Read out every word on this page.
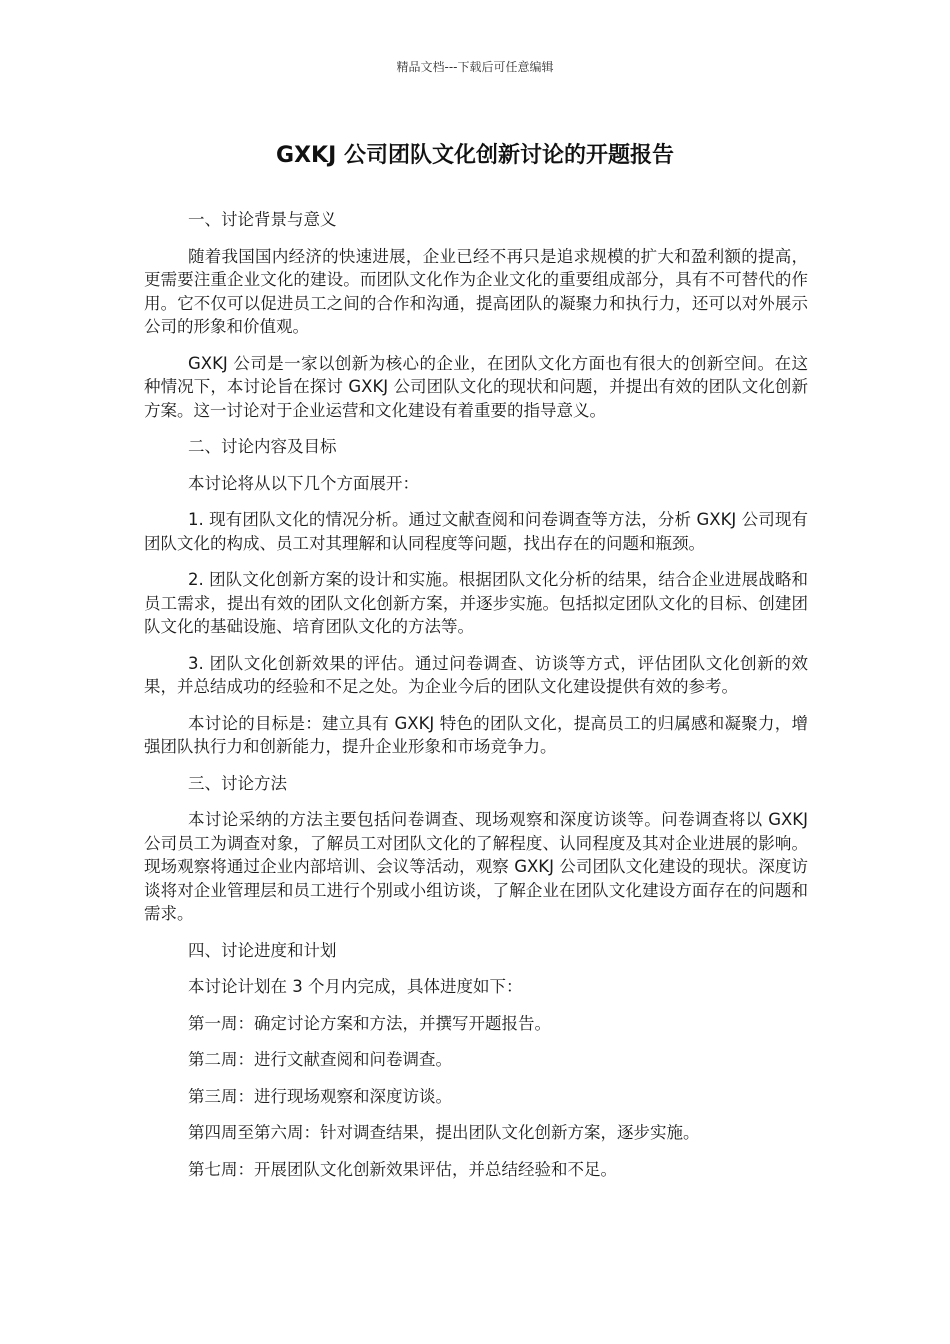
精品文档---下载后可任意编辑
GXKJ 公司团队文化创新讨论的开题报告

一、讨论背景与意义

随着我国国内经济的快速进展，企业已经不再只是追求规模的扩大和盈利额的提高，更需要注重企业文化的建设。而团队文化作为企业文化的重要组成部分，具有不可替代的作用。它不仅可以促进员工之间的合作和沟通，提高团队的凝聚力和执行力，还可以对外展示公司的形象和价值观。

GXKJ 公司是一家以创新为核心的企业，在团队文化方面也有很大的创新空间。在这种情况下，本讨论旨在探讨 GXKJ 公司团队文化的现状和问题，并提出有效的团队文化创新方案。这一讨论对于企业运营和文化建设有着重要的指导意义。

二、讨论内容及目标

本讨论将从以下几个方面展开：

1. 现有团队文化的情况分析。通过文献查阅和问卷调查等方法，分析 GXKJ 公司现有团队文化的构成、员工对其理解和认同程度等问题，找出存在的问题和瓶颈。

2. 团队文化创新方案的设计和实施。根据团队文化分析的结果，结合企业进展战略和员工需求，提出有效的团队文化创新方案，并逐步实施。包括拟定团队文化的目标、创建团队文化的基础设施、培育团队文化的方法等。

3. 团队文化创新效果的评估。通过问卷调查、访谈等方式，评估团队文化创新的效果，并总结成功的经验和不足之处。为企业今后的团队文化建设提供有效的参考。

本讨论的目标是：建立具有 GXKJ 特色的团队文化，提高员工的归属感和凝聚力，增强团队执行力和创新能力，提升企业形象和市场竞争力。

三、讨论方法

本讨论采纳的方法主要包括问卷调查、现场观察和深度访谈等。问卷调查将以 GXKJ 公司员工为调查对象，了解员工对团队文化的了解程度、认同程度及其对企业进展的影响。现场观察将通过企业内部培训、会议等活动，观察 GXKJ 公司团队文化建设的现状。深度访谈将对企业管理层和员工进行个别或小组访谈，了解企业在团队文化建设方面存在的问题和需求。

四、讨论进度和计划

本讨论计划在 3 个月内完成，具体进度如下：

第一周：确定讨论方案和方法，并撰写开题报告。

第二周：进行文献查阅和问卷调查。

第三周：进行现场观察和深度访谈。

第四周至第六周：针对调查结果，提出团队文化创新方案，逐步实施。

第七周：开展团队文化创新效果评估，并总结经验和不足。
